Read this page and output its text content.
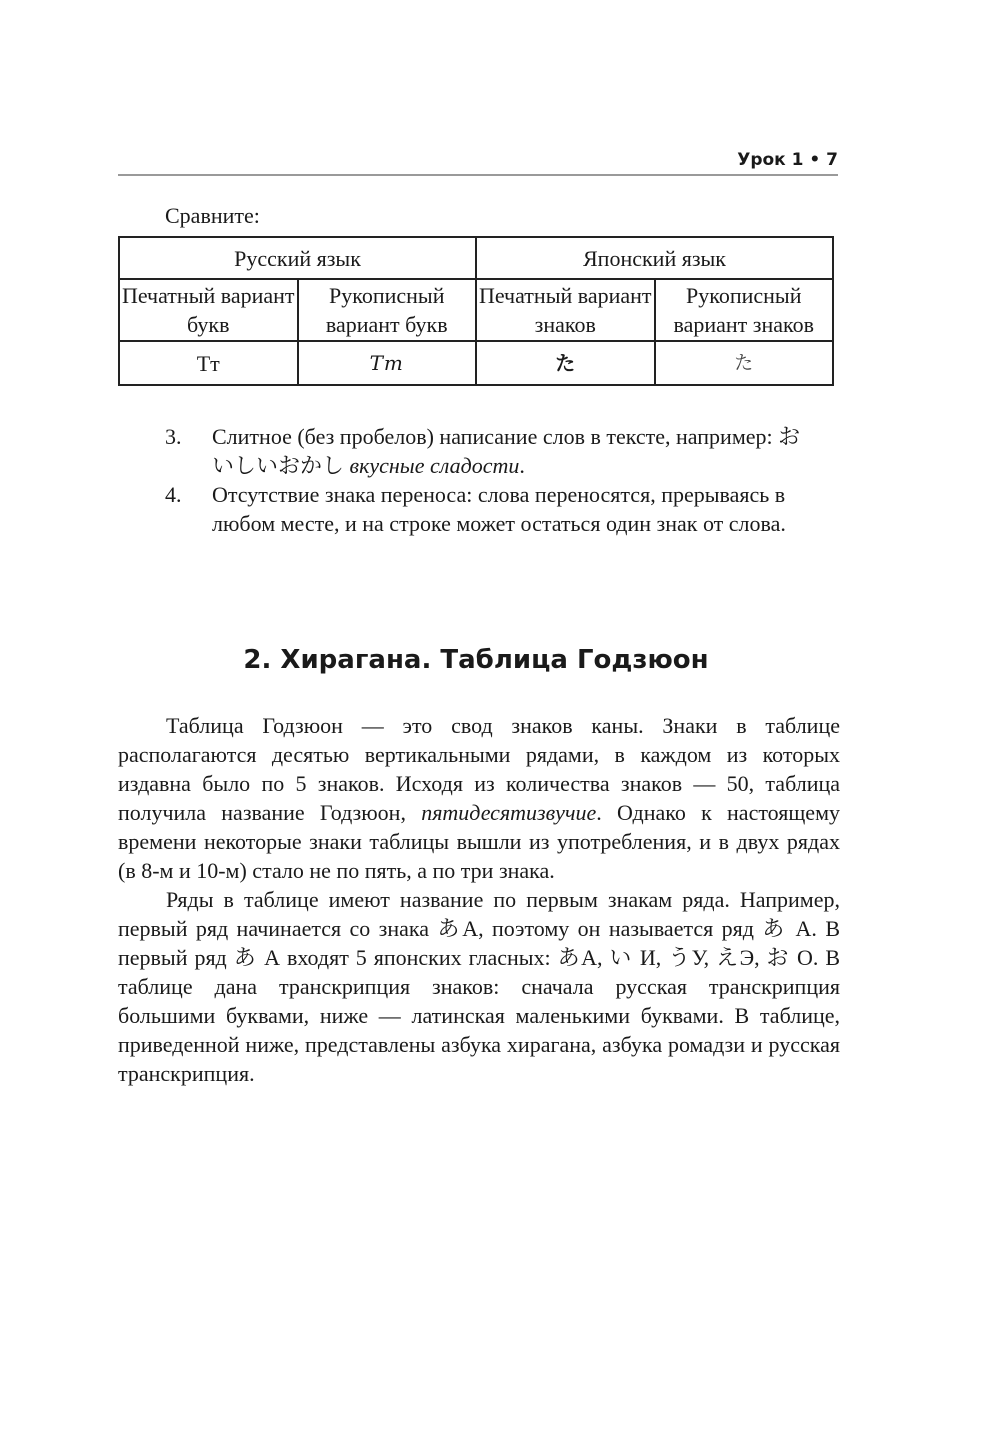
Урок 1 • 7
Сравните:
Русский язык		Японский язык	
Печатный вариант букв	Рукописный вариант букв	Печатный вариант знаков	Рукописный вариант знаков
Тт	Тт	た	た
3. Слитное (без пробелов) написание слов в тексте, например: おいしいおかし вкусные сладости.
4. Отсутствие знака переноса: слова переносятся, прерываясь в любом месте, и на строке может остаться один знак от слова.
2. Хирагана. Таблица Годзюон

Таблица Годзюон — это свод знаков каны. Знаки в таблице располагаются десятью вертикальными рядами, в каждом из которых издавна было по 5 знаков. Исходя из количества знаков — 50, таблица получила название Годзюон, пятидесятизвучие. Однако к настоящему времени некоторые знаки таблицы вышли из употребления, и в двух рядах (в 8-м и 10-м) стало не по пять, а по три знака.

Ряды в таблице имеют название по первым знакам ряда. Например, первый ряд начинается со знака あА, поэтому он называется ряд あ А. В первый ряд あ А входят 5 японских гласных: あА, い И, うУ, えЭ, お О. В таблице дана транскрипция знаков: сначала русская транскрипция большими буквами, ниже — латинская маленькими буквами. В таблице, приведенной ниже, представлены азбука хирагана, азбука ромадзи и русская транскрипция.
